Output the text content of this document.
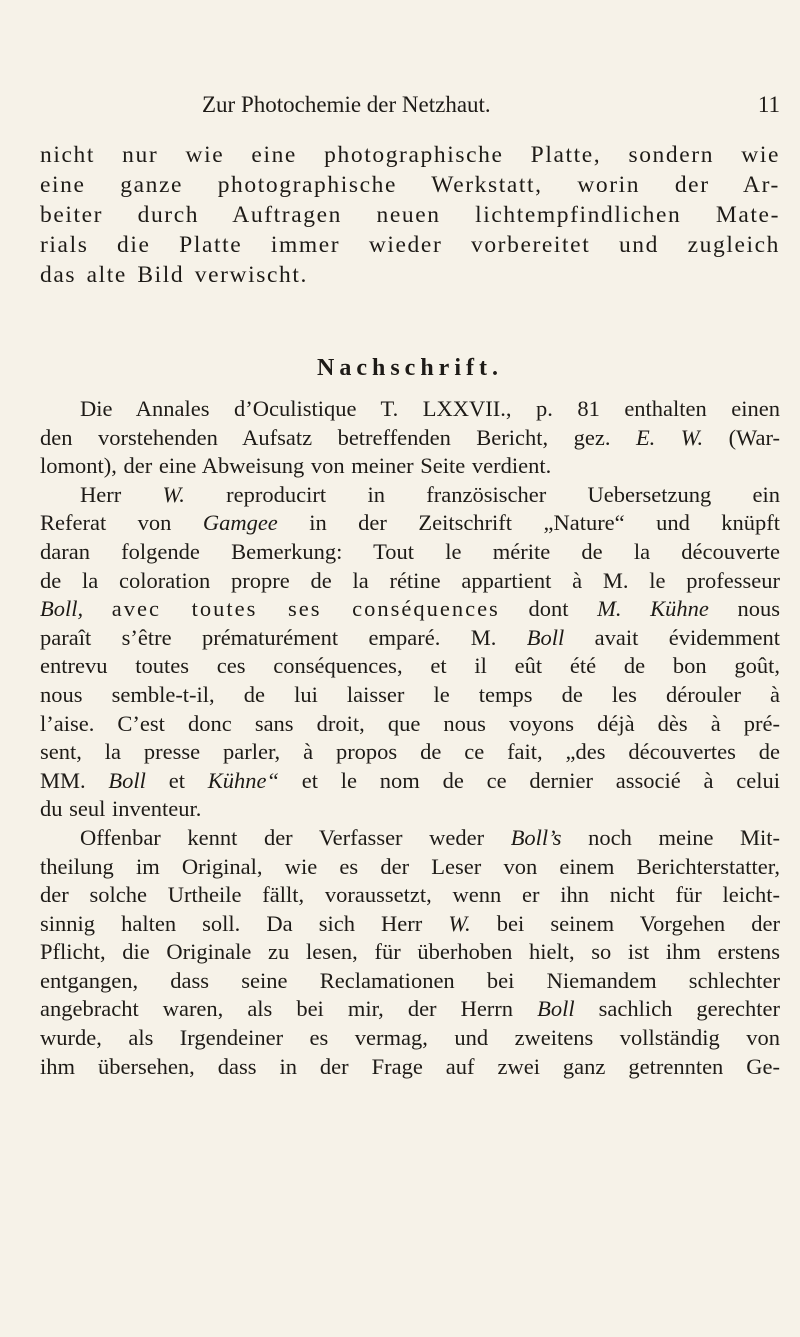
Zur Photochemie der Netzhaut.	11
nicht nur wie eine photographische Platte, sondern wie
eine ganze photographische Werkstatt, worin der Ar-
beiter durch Auftragen neuen lichtempfindlichen Mate-
rials die Platte immer wieder vorbereitet und zugleich
das alte Bild verwischt.
Nachschrift.
Die Annales d’Oculistique T. LXXVII., p. 81 enthalten einen
den vorstehenden Aufsatz betreffenden Bericht, gez. E. W. (War-
lomont), der eine Abweisung von meiner Seite verdient.
Herr W. reproducirt in französischer Uebersetzung ein
Referat von Gamgee in der Zeitschrift „Nature“ und knüpft
daran folgende Bemerkung: Tout le mérite de la découverte
de la coloration propre de la rétine appartient à M. le professeur
Boll, avec toutes ses conséquences dont M. Kühne nous
paraît s’être prématurément emparé. M. Boll avait évidemment
entrevu toutes ces conséquences, et il eût été de bon goût,
nous semble-t-il, de lui laisser le temps de les dérouler à
l’aise. C’est donc sans droit, que nous voyons déjà dès à pré-
sent, la presse parler, à propos de ce fait, „des découvertes de
MM. Boll et Kühne“ et le nom de ce dernier associé à celui
du seul inventeur.
Offenbar kennt der Verfasser weder Boll’s noch meine Mit-
theilung im Original, wie es der Leser von einem Berichterstatter,
der solche Urtheile fällt, voraussetzt, wenn er ihn nicht für leicht-
sinnig halten soll. Da sich Herr W. bei seinem Vorgehen der
Pflicht, die Originale zu lesen, für überhoben hielt, so ist ihm erstens
entgangen, dass seine Reclamationen bei Niemandem schlechter
angebracht waren, als bei mir, der Herrn Boll sachlich gerechter
wurde, als Irgendeiner es vermag, und zweitens vollständig von
ihm übersehen, dass in der Frage auf zwei ganz getrennten Ge-
